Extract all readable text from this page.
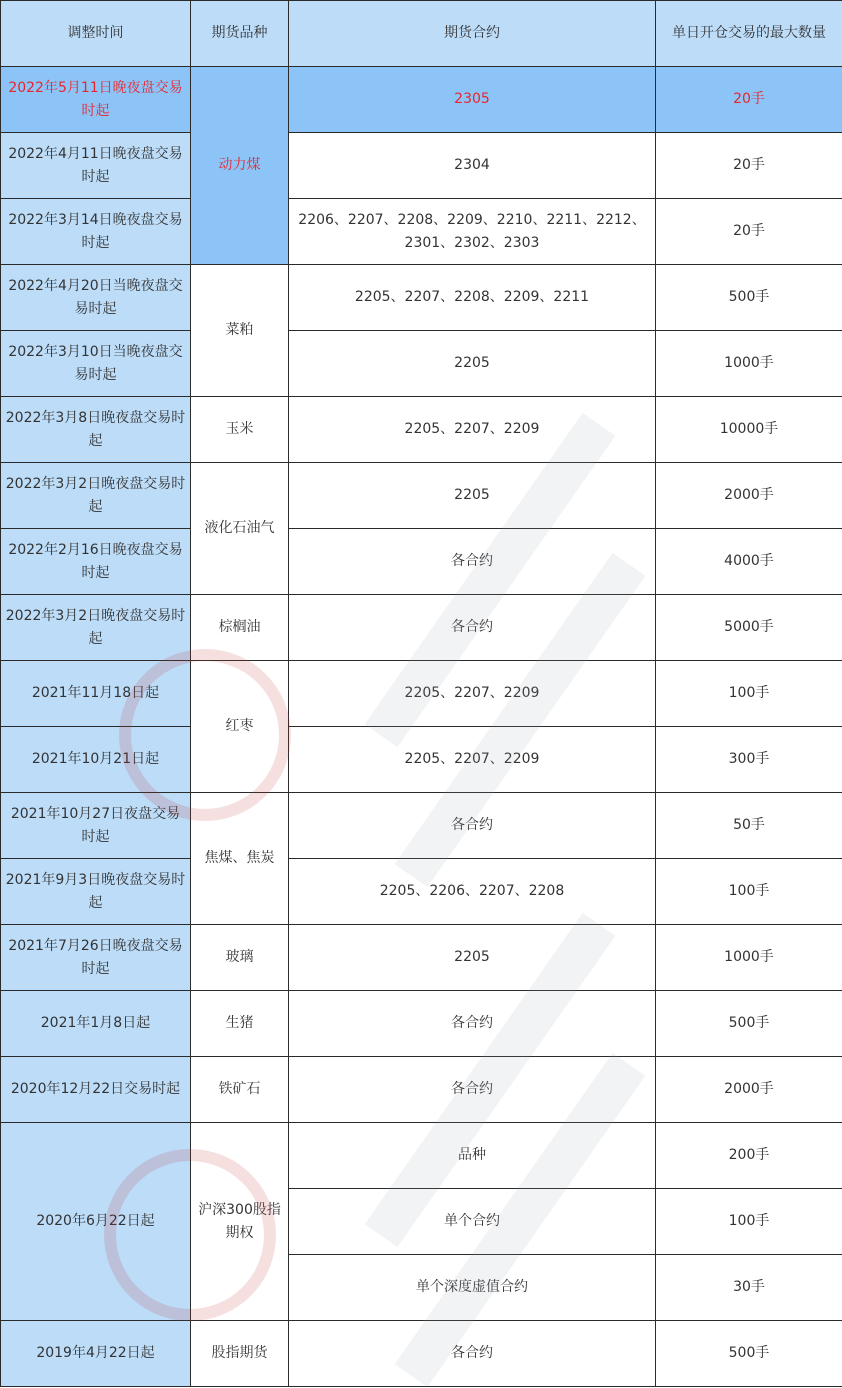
调整时间	期货品种	期货合约	单日开仓交易的最大数量
2022年5月11日晚夜盘交易时起	动力煤	2305	20手
2022年4月11日晚夜盘交易时起		2304	20手
2022年3月14日晚夜盘交易时起		2206、2207、2208、2209、2210、2211、2212、2301、2302、2303	20手
2022年4月20日当晚夜盘交易时起	菜粕	2205、2207、2208、2209、2211	500手
2022年3月10日当晚夜盘交易时起		2205	1000手
2022年3月8日晚夜盘交易时起	玉米	2205、2207、2209	10000手
2022年3月2日晚夜盘交易时起	液化石油气	2205	2000手
2022年2月16日晚夜盘交易时起		各合约	4000手
2022年3月2日晚夜盘交易时起	棕榈油	各合约	5000手
2021年11月18日起	红枣	2205、2207、2209	100手
2021年10月21日起		2205、2207、2209	300手
2021年10月27日夜盘交易时起	焦煤、焦炭	各合约	50手
2021年9月3日晚夜盘交易时起		2205、2206、2207、2208	100手
2021年7月26日晚夜盘交易时起	玻璃	2205	1000手
2021年1月8日起	生猪	各合约	500手
2020年12月22日交易时起	铁矿石	各合约	2000手
2020年6月22日起	沪深300股指期权	品种	200手
		单个合约	100手
		单个深度虚值合约	30手
2019年4月22日起	股指期货	各合约	500手
